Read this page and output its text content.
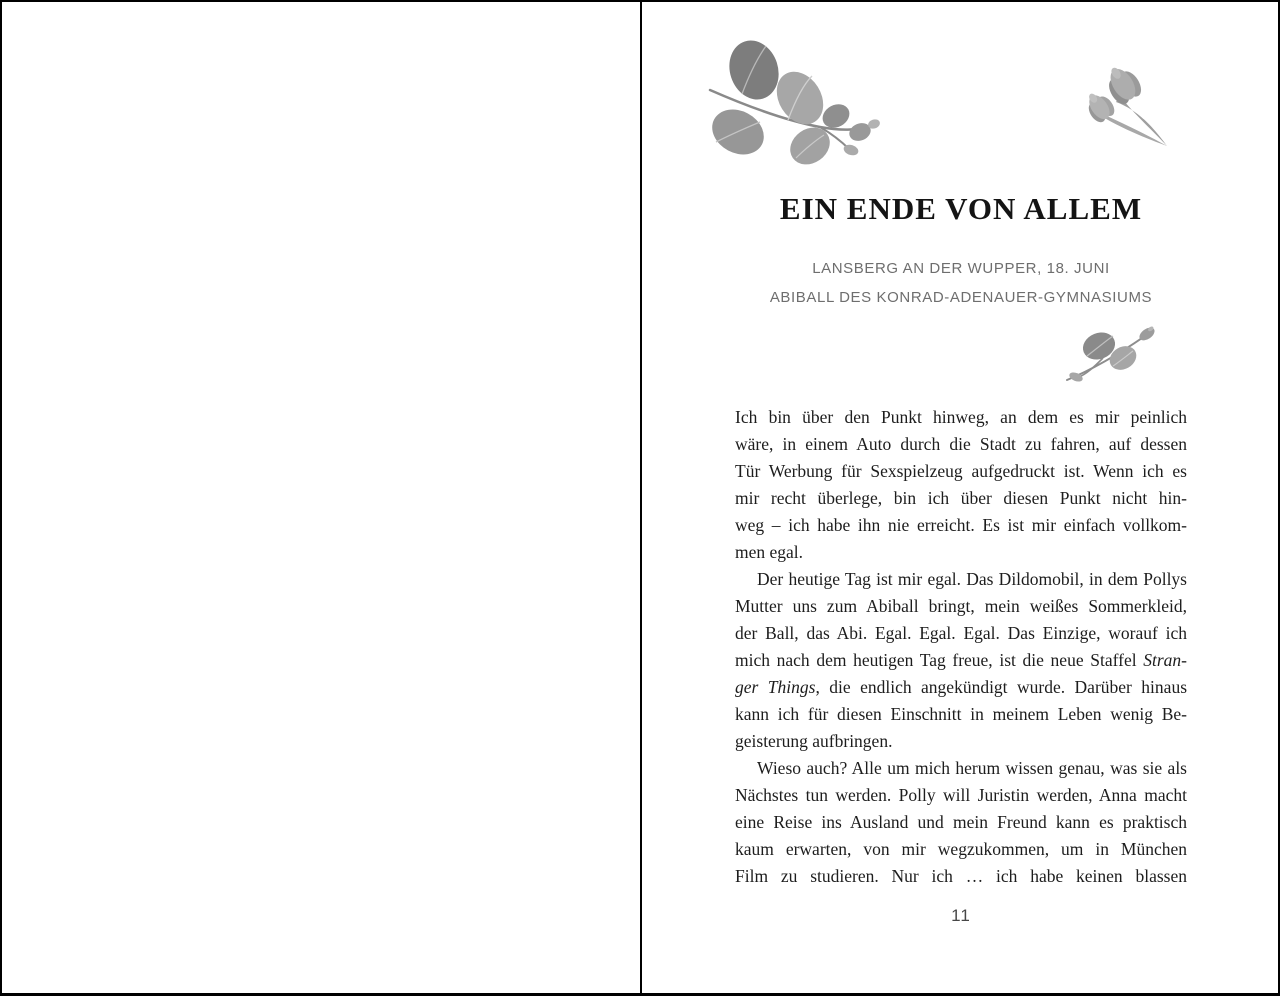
EIN ENDE VON ALLEM
LANSBERG AN DER WUPPER, 18. JUNI
ABIBALL DES KONRAD-ADENAUER-GYMNASIUMS
Ich bin über den Punkt hinweg, an dem es mir peinlich
wäre, in einem Auto durch die Stadt zu fahren, auf dessen
Tür Werbung für Sexspielzeug aufgedruckt ist. Wenn ich es
mir recht überlege, bin ich über diesen Punkt nicht hin-
weg – ich habe ihn nie erreicht. Es ist mir einfach vollkom-
men egal.
Der heutige Tag ist mir egal. Das Dildomobil, in dem Pollys
Mutter uns zum Abiball bringt, mein weißes Sommerkleid,
der Ball, das Abi. Egal. Egal. Egal. Das Einzige, worauf ich
mich nach dem heutigen Tag freue, ist die neue Staffel Stran-
ger Things, die endlich angekündigt wurde. Darüber hinaus
kann ich für diesen Einschnitt in meinem Leben wenig Be-
geisterung aufbringen.
Wieso auch? Alle um mich herum wissen genau, was sie als
Nächstes tun werden. Polly will Juristin werden, Anna macht
eine Reise ins Ausland und mein Freund kann es praktisch
kaum erwarten, von mir wegzukommen, um in München
Film zu studieren. Nur ich … ich habe keinen blassen
11
